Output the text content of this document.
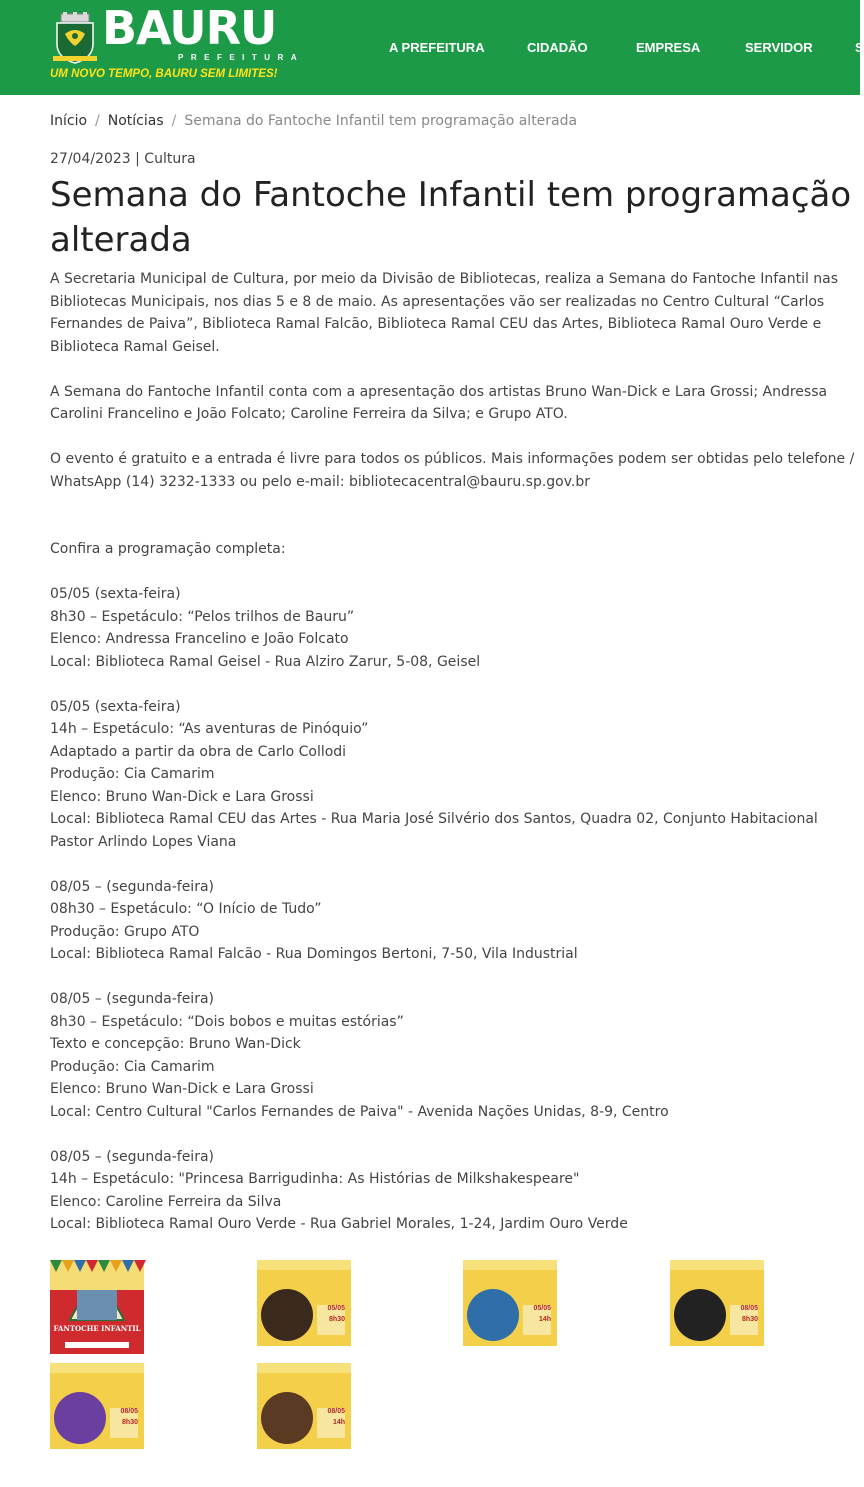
BAURU
PREFEITURA
UM NOVO TEMPO, BAURU SEM LIMITES!
A PREFEITURA	CIDADÃO	EMPRESA	SERVIDOR	S
Início / Notícias / Semana do Fantoche Infantil tem programação alterada
27/04/2023 | Cultura
Semana do Fantoche Infantil tem programação alterada

A Secretaria Municipal de Cultura, por meio da Divisão de Bibliotecas, realiza a Semana do Fantoche Infantil nas Bibliotecas Municipais, nos dias 5 e 8 de maio. As apresentações vão ser realizadas no Centro Cultural “Carlos Fernandes de Paiva”, Biblioteca Ramal Falcão, Biblioteca Ramal CEU das Artes, Biblioteca Ramal Ouro Verde e Biblioteca Ramal Geisel.

A Semana do Fantoche Infantil conta com a apresentação dos artistas Bruno Wan-Dick e Lara Grossi; Andressa Carolini Francelino e João Folcato; Caroline Ferreira da Silva; e Grupo ATO.

O evento é gratuito e a entrada é livre para todos os públicos. Mais informações podem ser obtidas pelo telefone / WhatsApp (14) 3232-1333 ou pelo e-mail: bibliotecacentral@bauru.sp.gov.br

Confira a programação completa:

05/05 (sexta-feira)

8h30 – Espetáculo: “Pelos trilhos de Bauru”

Elenco: Andressa Francelino e João Folcato

Local: Biblioteca Ramal Geisel - Rua Alziro Zarur, 5-08, Geisel

05/05 (sexta-feira)

14h – Espetáculo: “As aventuras de Pinóquio”

Adaptado a partir da obra de Carlo Collodi

Produção: Cia Camarim

Elenco: Bruno Wan-Dick e Lara Grossi

Local: Biblioteca Ramal CEU das Artes - Rua Maria José Silvério dos Santos, Quadra 02, Conjunto Habitacional Pastor Arlindo Lopes Viana

08/05 – (segunda-feira)

08h30 – Espetáculo: “O Início de Tudo”

Produção: Grupo ATO

Local: Biblioteca Ramal Falcão - Rua Domingos Bertoni, 7-50, Vila Industrial

08/05 – (segunda-feira)

8h30 – Espetáculo: “Dois bobos e muitas estórias”

Texto e concepção: Bruno Wan-Dick

Produção: Cia Camarim

Elenco: Bruno Wan-Dick e Lara Grossi

Local: Centro Cultural "Carlos Fernandes de Paiva" - Avenida Nações Unidas, 8-9, Centro

08/05 – (segunda-feira)

14h – Espetáculo: "Princesa Barrigudinha: As Histórias de Milkshakespeare"

Elenco: Caroline Ferreira da Silva

Local: Biblioteca Ramal Ouro Verde - Rua Gabriel Morales, 1-24, Jardim Ouro Verde

FANTOCHE INFANTIL
05/05
8h30
05/05
14h
08/05
8h30
08/05
8h30
08/05
14h
